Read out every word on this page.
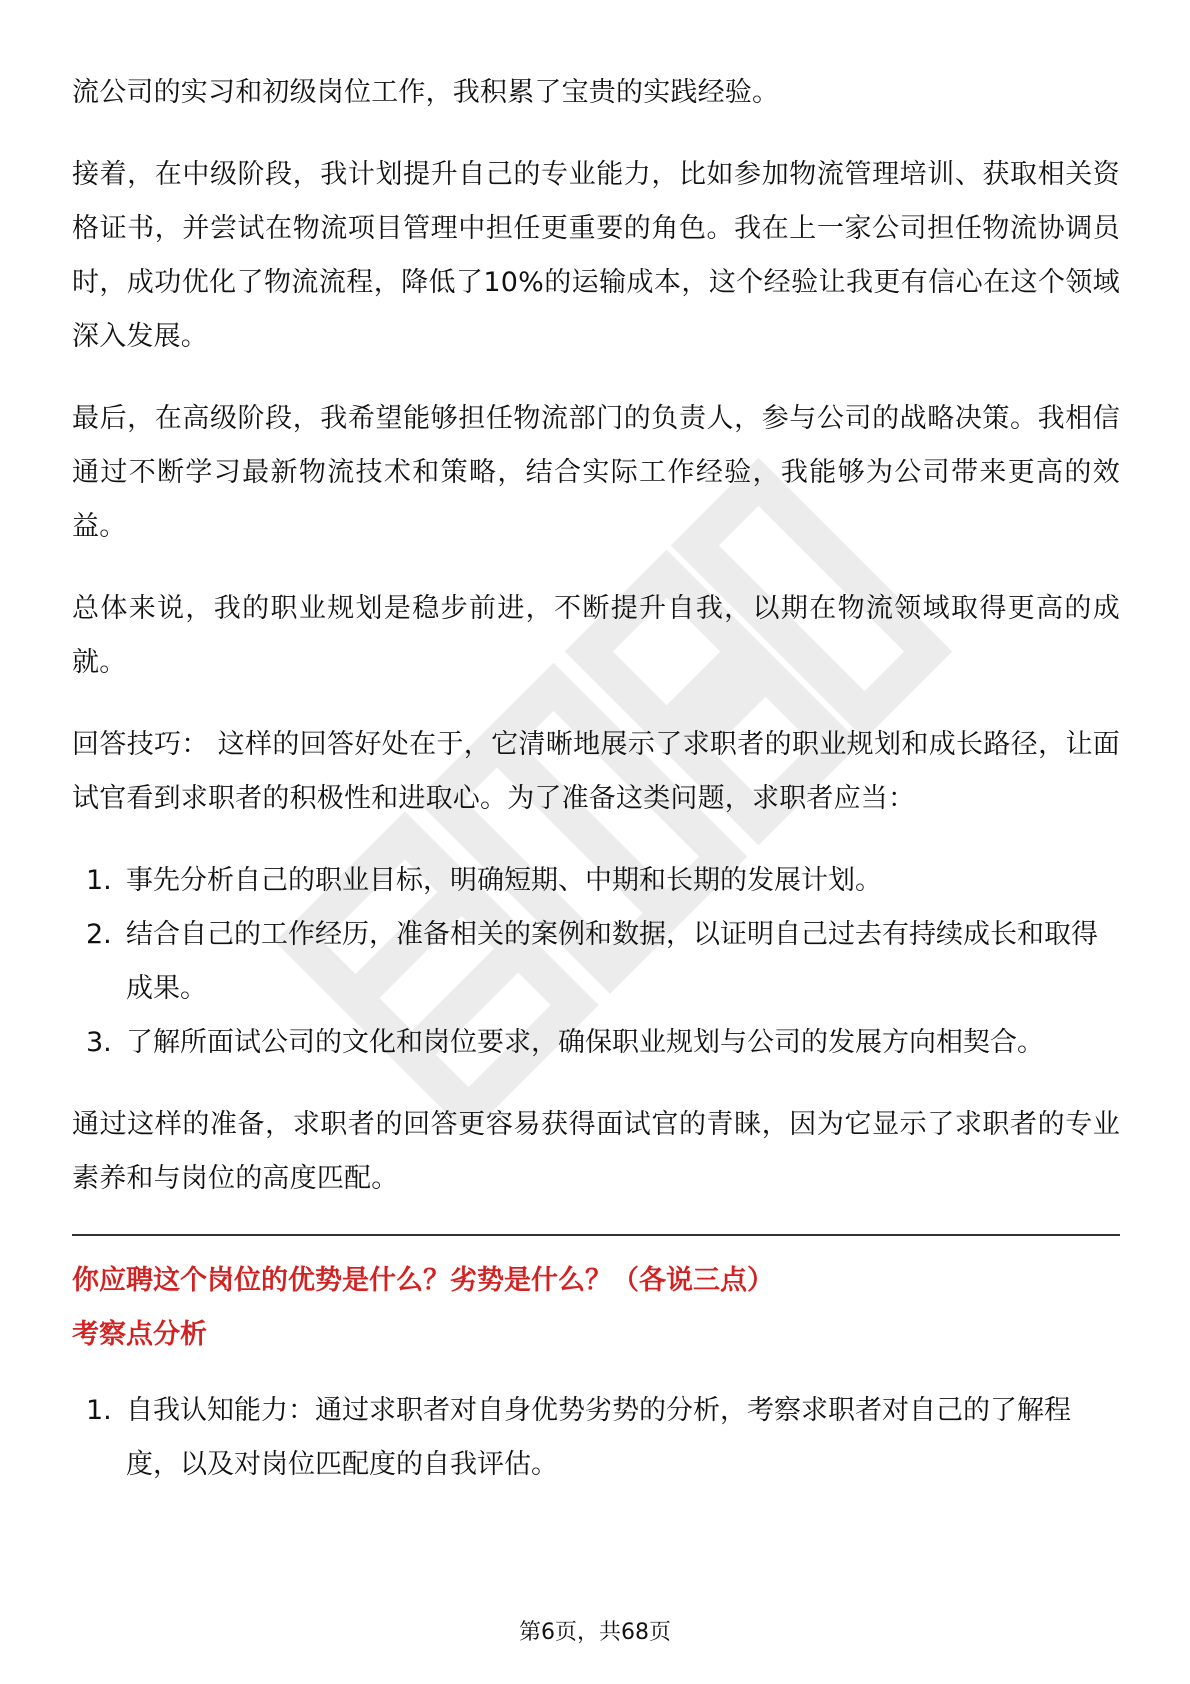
流公司的实习和初级岗位工作，我积累了宝贵的实践经验。

接着，在中级阶段，我计划提升自己的专业能力，比如参加物流管理培训、获取相关资格证书，并尝试在物流项目管理中担任更重要的角色。我在上一家公司担任物流协调员时，成功优化了物流流程，降低了10%的运输成本，这个经验让我更有信心在这个领域深入发展。

最后，在高级阶段，我希望能够担任物流部门的负责人，参与公司的战略决策。我相信通过不断学习最新物流技术和策略，结合实际工作经验，我能够为公司带来更高的效益。

总体来说，我的职业规划是稳步前进，不断提升自我，以期在物流领域取得更高的成就。

回答技巧： 这样的回答好处在于，它清晰地展示了求职者的职业规划和成长路径，让面试官看到求职者的积极性和进取心。为了准备这类问题，求职者应当：

1. 事先分析自己的职业目标，明确短期、中期和长期的发展计划。
2. 结合自己的工作经历，准备相关的案例和数据，以证明自己过去有持续成长和取得成果。
3. 了解所面试公司的文化和岗位要求，确保职业规划与公司的发展方向相契合。

通过这样的准备，求职者的回答更容易获得面试官的青睐，因为它显示了求职者的专业素养和与岗位的高度匹配。

你应聘这个岗位的优势是什么？劣势是什么？（各说三点）

考察点分析

1. 自我认知能力：通过求职者对自身优势劣势的分析，考察求职者对自己的了解程度，以及对岗位匹配度的自我评估。
第6页，共68页
